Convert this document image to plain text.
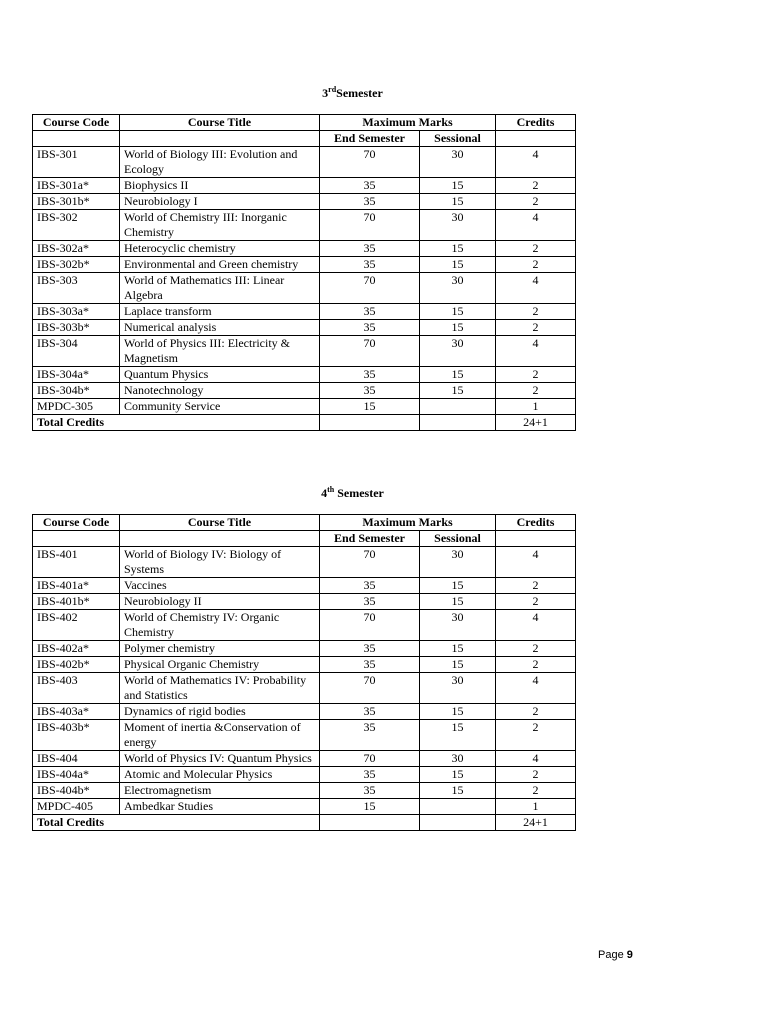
3rdSemester
Course Code	Course Title	Maximum Marks		Credits
		End Semester	Sessional	
IBS-301	World of Biology III: Evolution and Ecology	70	30	4
IBS-301a*	Biophysics II	35	15	2
IBS-301b*	Neurobiology I	35	15	2
IBS-302	World of Chemistry III: Inorganic Chemistry	70	30	4
IBS-302a*	Heterocyclic chemistry	35	15	2
IBS-302b*	Environmental and Green chemistry	35	15	2
IBS-303	World of Mathematics III: Linear Algebra	70	30	4
IBS-303a*	Laplace transform	35	15	2
IBS-303b*	Numerical analysis	35	15	2
IBS-304	World of Physics III: Electricity & Magnetism	70	30	4
IBS-304a*	Quantum Physics	35	15	2
IBS-304b*	Nanotechnology	35	15	2
MPDC-305	Community Service	15		1
Total Credits				24+1
4th Semester
Course Code	Course Title	Maximum Marks		Credits
		End Semester	Sessional	
IBS-401	World of Biology IV: Biology of Systems	70	30	4
IBS-401a*	Vaccines	35	15	2
IBS-401b*	Neurobiology II	35	15	2
IBS-402	World of Chemistry IV: Organic Chemistry	70	30	4
IBS-402a*	Polymer chemistry	35	15	2
IBS-402b*	Physical Organic Chemistry	35	15	2
IBS-403	World of Mathematics IV: Probability and Statistics	70	30	4
IBS-403a*	Dynamics of rigid bodies	35	15	2
IBS-403b*	Moment of inertia &Conservation of energy	35	15	2
IBS-404	World of Physics IV: Quantum Physics	70	30	4
IBS-404a*	Atomic and Molecular Physics	35	15	2
IBS-404b*	Electromagnetism	35	15	2
MPDC-405	Ambedkar Studies	15		1
Total Credits				24+1
Page 9
